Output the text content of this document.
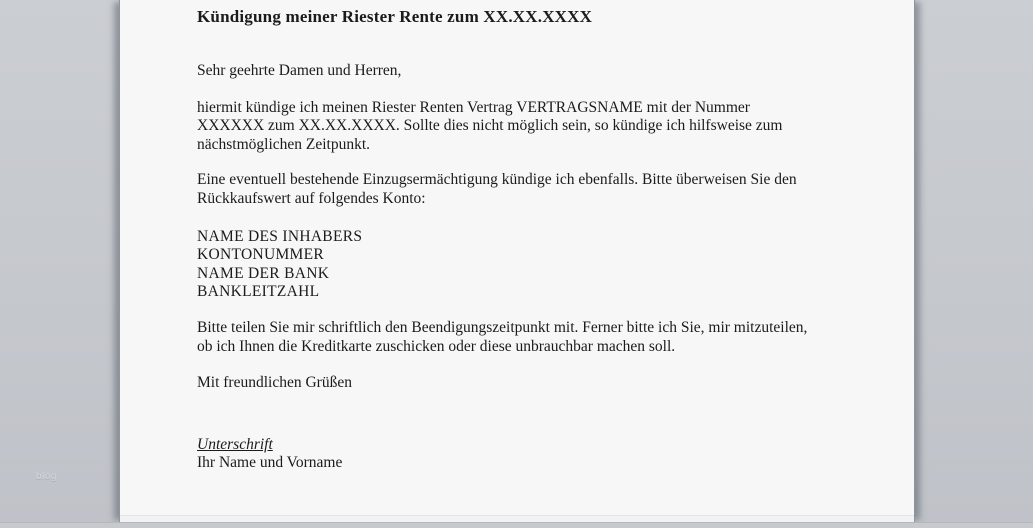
blog
Kündigung meiner Riester Rente zum XX.XX.XXXX
Sehr geehrte Damen und Herren,
hiermit kündige ich meinen Riester Renten Vertrag VERTRAGSNAME mit der Nummer
XXXXXX zum XX.XX.XXXX. Sollte dies nicht möglich sein, so kündige ich hilfsweise zum
nächstmöglichen Zeitpunkt.
Eine eventuell bestehende Einzugsermächtigung kündige ich ebenfalls. Bitte überweisen Sie den
Rückkaufswert auf folgendes Konto:
NAME DES INHABERS
KONTONUMMER
NAME DER BANK
BANKLEITZAHL
Bitte teilen Sie mir schriftlich den Beendigungszeitpunkt mit. Ferner bitte ich Sie, mir mitzuteilen,
ob ich Ihnen die Kreditkarte zuschicken oder diese unbrauchbar machen soll.
Mit freundlichen Grüßen
Unterschrift
Ihr Name und Vorname
